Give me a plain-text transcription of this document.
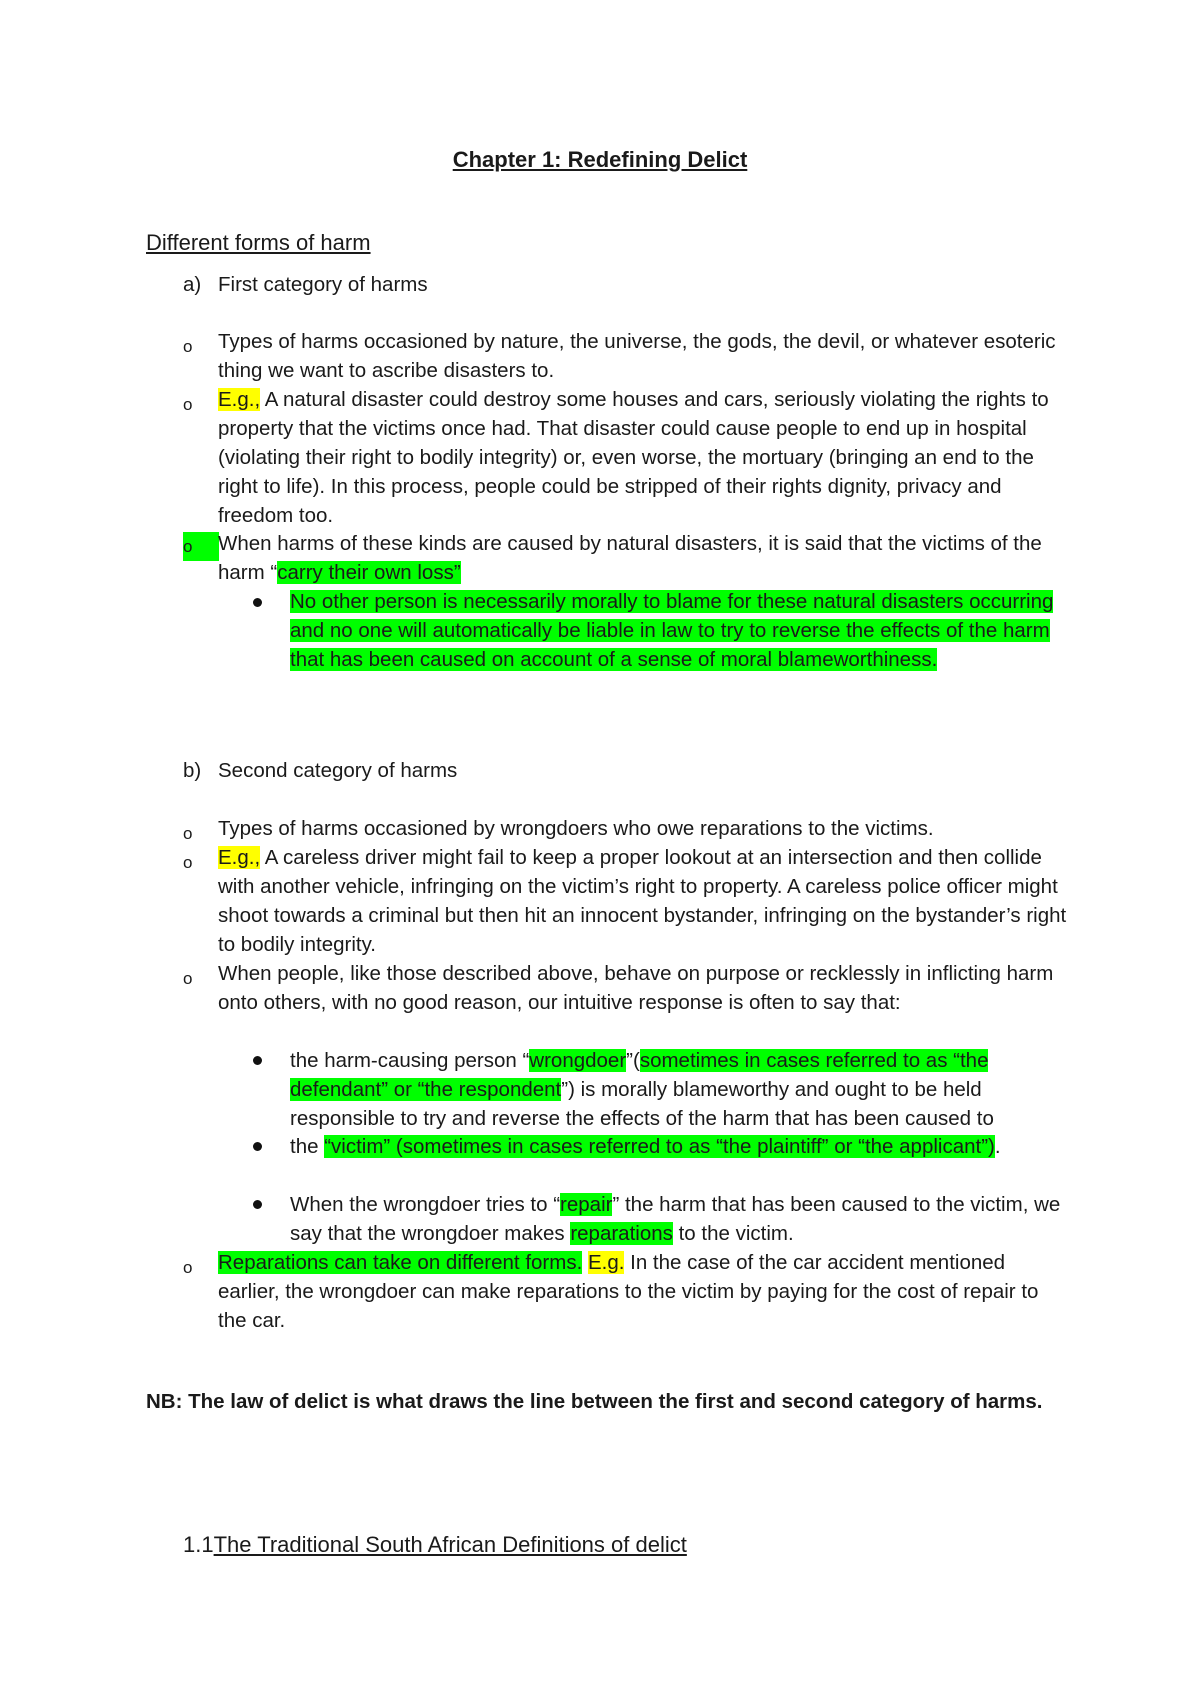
Chapter 1: Redefining Delict
Different forms of harm
a) First category of harms
o Types of harms occasioned by nature, the universe, the gods, the devil, or whatever esoteric thing we want to ascribe disasters to.
o E.g., A natural disaster could destroy some houses and cars, seriously violating the rights to property that the victims once had. That disaster could cause people to end up in hospital (violating their right to bodily integrity) or, even worse, the mortuary (bringing an end to the right to life). In this process, people could be stripped of their rights dignity, privacy and freedom too.
o	When harms of these kinds are caused by natural disasters, it is said that the victims of the harm “carry their own loss”
No other person is necessarily morally to blame for these natural disasters occurring and no one will automatically be liable in law to try to reverse the effects of the harm that has been caused on account of a sense of moral blameworthiness.
b) Second category of harms
o Types of harms occasioned by wrongdoers who owe reparations to the victims.
o E.g., A careless driver might fail to keep a proper lookout at an intersection and then collide with another vehicle, infringing on the victim’s right to property. A careless police officer might shoot towards a criminal but then hit an innocent bystander, infringing on the bystander’s right to bodily integrity.
o When people, like those described above, behave on purpose or recklessly in inflicting harm onto others, with no good reason, our intuitive response is often to say that:
the harm-causing person “wrongdoer”(sometimes in cases referred to as “the defendant” or “the respondent”) is morally blameworthy and ought to be held responsible to try and reverse the effects of the harm that has been caused to
the “victim” (sometimes in cases referred to as “the plaintiff” or “the applicant”).
When the wrongdoer tries to “repair” the harm that has been caused to the victim, we say that the wrongdoer makes reparations to the victim.
o Reparations can take on different forms. E.g. In the case of the car accident mentioned earlier, the wrongdoer can make reparations to the victim by paying for the cost of repair to the car.
NB: The law of delict is what draws the line between the first and second category of harms.
1.1The Traditional South African Definitions of delict
